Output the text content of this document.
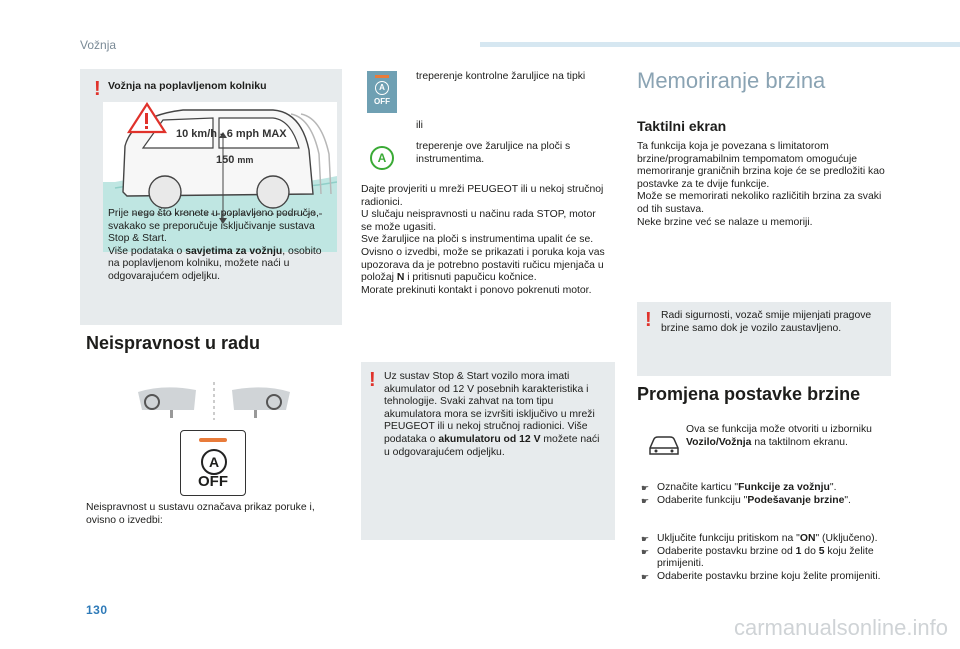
Vožnja
! Vožnja na poplavljenom kolniku
10 km/h - 6 mph MAX
150 mm
Prije nego što krenete u poplavljeno područje, svakako se preporučuje isključivanje sustava Stop & Start.
Više podataka o savjetima za vožnju, osobito na poplavljenom kolniku, možete naći u odgovarajućem odjeljku.
Neispravnost u radu
A
OFF
Neispravnost u sustavu označava prikaz poruke i, ovisno o izvedbi:
A
OFF
treperenje kontrolne žaruljice na tipki
ili
A
treperenje ove žaruljice na ploči s instrumentima.
Dajte provjeriti u mreži PEUGEOT ili u nekoj stručnoj radionici.
U slučaju neispravnosti u načinu rada STOP, motor se može ugasiti.
Sve žaruljice na ploči s instrumentima upalit će se.
Ovisno o izvedbi, može se prikazati i poruka koja vas upozorava da je potrebno postaviti ručicu mjenjača u položaj N i pritisnuti papučicu kočnice.
Morate prekinuti kontakt i ponovo pokrenuti motor.
! Uz sustav Stop & Start vozilo mora imati akumulator od 12 V posebnih karakteristika i tehnologije. Svaki zahvat na tom tipu akumulatora mora se izvršiti isključivo u mreži PEUGEOT ili u nekoj stručnoj radionici. Više podataka o akumulatoru od 12 V možete naći u odgovarajućem odjeljku.
Memoriranje brzina
Taktilni ekran
Ta funkcija koja je povezana s limitatorom brzine/programabilnim tempomatom omogućuje memoriranje graničnih brzina koje će se predložiti kao postavke za te dvije funkcije.
Može se memorirati nekoliko različitih brzina za svaki od tih sustava.
Neke brzine već se nalaze u memoriji.
! Radi sigurnosti, vozač smije mijenjati pragove brzine samo dok je vozilo zaustavljeno.
Promjena postavke brzine
Ova se funkcija može otvoriti u izborniku Vozilo/Vožnja na taktilnom ekranu.
☛ Označite karticu "Funkcije za vožnju".
☛ Odaberite funkciju "Podešavanje brzine".
☛ Uključite funkciju pritiskom na "ON" (Uključeno).
☛ Odaberite postavku brzine od 1 do 5 koju želite primijeniti.
☛ Odaberite postavku brzine koju želite promijeniti.
130
carmanualsonline.info
